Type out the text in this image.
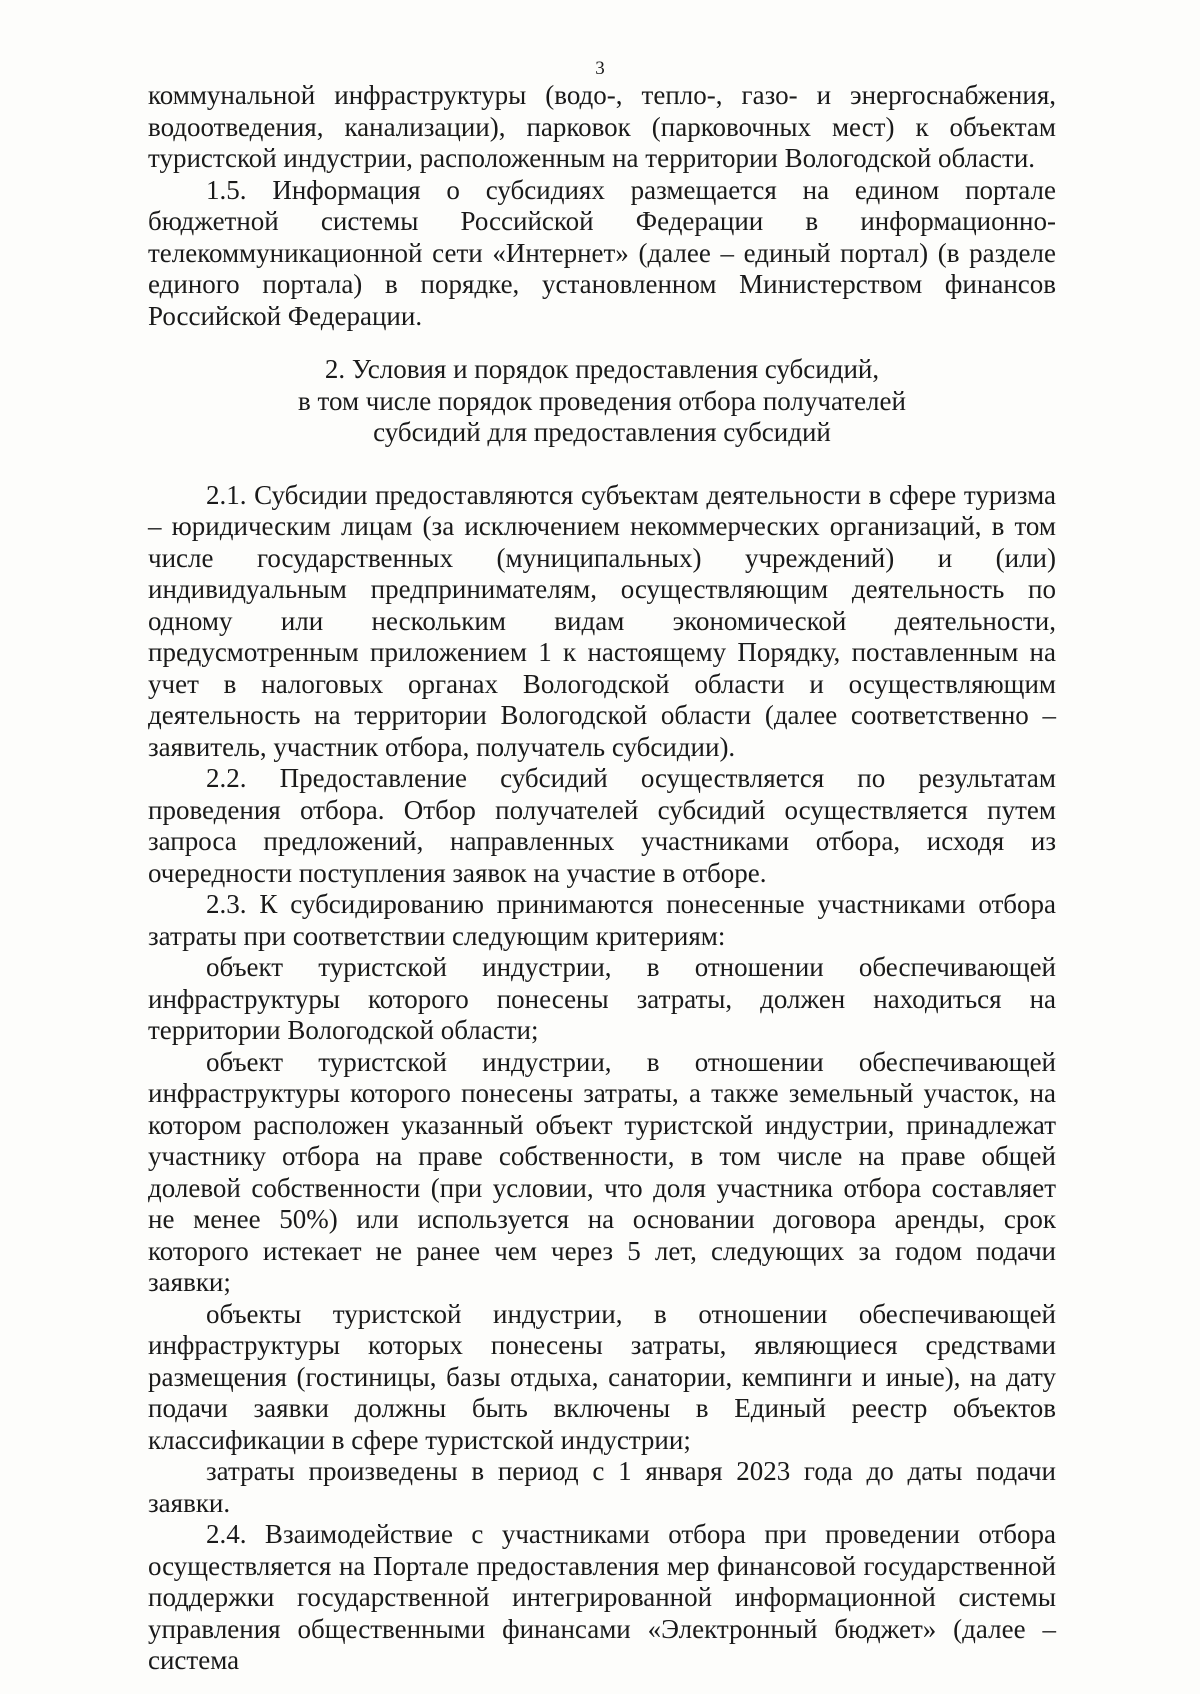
3

коммунальной инфраструктуры (водо-, тепло-, газо- и энергоснабжения, водоотведения, канализации), парковок (парковочных мест) к объектам туристской индустрии, расположенным на территории Вологодской области.

1.5. Информация о субсидиях размещается на едином портале бюджетной системы Российской Федерации в информационно-телекоммуникационной сети «Интернет» (далее – единый портал) (в разделе единого портала) в порядке, установленном Министерством финансов Российской Федерации.

2. Условия и порядок предоставления субсидий,
в том числе порядок проведения отбора получателей
субсидий для предоставления субсидий

2.1. Субсидии предоставляются субъектам деятельности в сфере туризма – юридическим лицам (за исключением некоммерческих организаций, в том числе государственных (муниципальных) учреждений) и (или) индивидуальным предпринимателям, осуществляющим деятельность по одному или нескольким видам экономической деятельности, предусмотренным приложением 1 к настоящему Порядку, поставленным на учет в налоговых органах Вологодской области и осуществляющим деятельность на территории Вологодской области (далее соответственно – заявитель, участник отбора, получатель субсидии).

2.2. Предоставление субсидий осуществляется по результатам проведения отбора. Отбор получателей субсидий осуществляется путем запроса предложений, направленных участниками отбора, исходя из очередности поступления заявок на участие в отборе.

2.3. К субсидированию принимаются понесенные участниками отбора затраты при соответствии следующим критериям:

объект туристской индустрии, в отношении обеспечивающей инфраструктуры которого понесены затраты, должен находиться на территории Вологодской области;

объект туристской индустрии, в отношении обеспечивающей инфраструктуры которого понесены затраты, а также земельный участок, на котором расположен указанный объект туристской индустрии, принадлежат участнику отбора на праве собственности, в том числе на праве общей долевой собственности (при условии, что доля участника отбора составляет не менее 50%) или используется на основании договора аренды, срок которого истекает не ранее чем через 5 лет, следующих за годом подачи заявки;

объекты туристской индустрии, в отношении обеспечивающей инфраструктуры которых понесены затраты, являющиеся средствами размещения (гостиницы, базы отдыха, санатории, кемпинги и иные), на дату подачи заявки должны быть включены в Единый реестр объектов классификации в сфере туристской индустрии;

затраты произведены в период с 1 января 2023 года до даты подачи заявки.

2.4. Взаимодействие с участниками отбора при проведении отбора осуществляется на Портале предоставления мер финансовой государственной поддержки государственной интегрированной информационной системы управления общественными финансами «Электронный бюджет» (далее – система
